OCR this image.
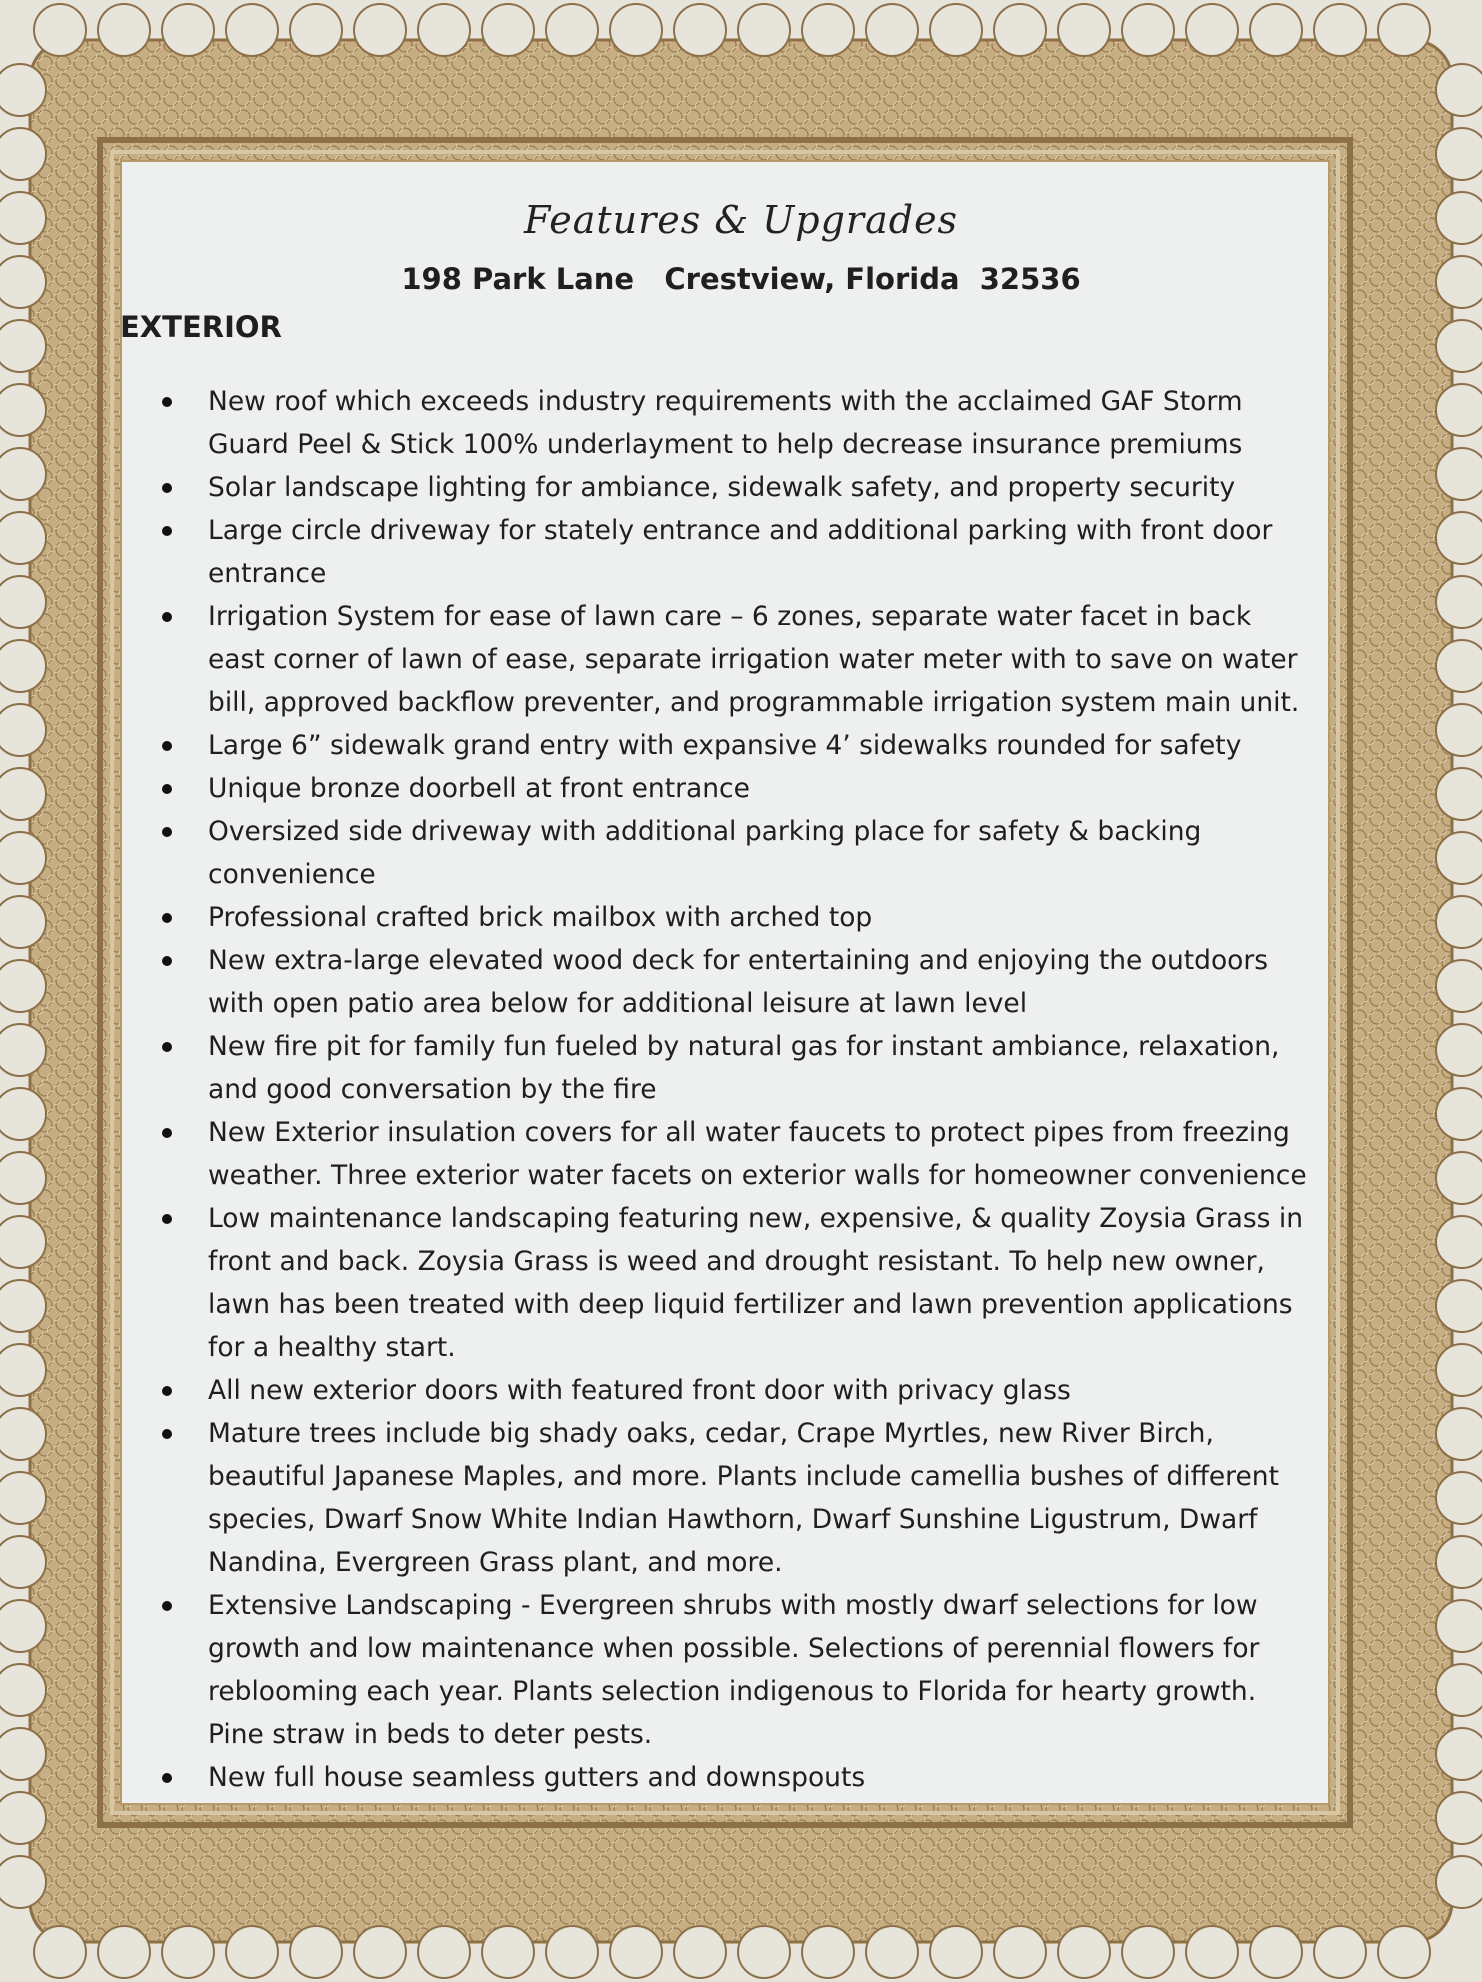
Features & Upgrades
198 Park Lane   Crestview, Florida  32536
EXTERIOR
New roof which exceeds industry requirements with the acclaimed GAF Storm Guard Peel & Stick 100% underlayment to help decrease insurance premiums
Solar landscape lighting for ambiance, sidewalk safety, and property security
Large circle driveway for stately entrance and additional parking with front door entrance
Irrigation System for ease of lawn care – 6 zones, separate water facet in back east corner of lawn of ease, separate irrigation water meter with to save on water bill, approved backflow preventer, and programmable irrigation system main unit.
Large 6” sidewalk grand entry with expansive 4’ sidewalks rounded for safety
Unique bronze doorbell at front entrance
Oversized side driveway with additional parking place for safety & backing convenience
Professional crafted brick mailbox with arched top
New extra-large elevated wood deck for entertaining and enjoying the outdoors with open patio area below for additional leisure at lawn level
New fire pit for family fun fueled by natural gas for instant ambiance, relaxation, and good conversation by the fire
New Exterior insulation covers for all water faucets to protect pipes from freezing weather. Three exterior water facets on exterior walls for homeowner convenience
Low maintenance landscaping featuring new, expensive, & quality Zoysia Grass in front and back. Zoysia Grass is weed and drought resistant. To help new owner, lawn has been treated with deep liquid fertilizer and lawn prevention applications for a healthy start.
All new exterior doors with featured front door with privacy glass
Mature trees include big shady oaks, cedar, Crape Myrtles, new River Birch, beautiful Japanese Maples, and more. Plants include camellia bushes of different species, Dwarf Snow White Indian Hawthorn, Dwarf Sunshine Ligustrum, Dwarf Nandina, Evergreen Grass plant, and more.
Extensive Landscaping - Evergreen shrubs with mostly dwarf selections for low growth and low maintenance when possible. Selections of perennial flowers for reblooming each year. Plants selection indigenous to Florida for hearty growth. Pine straw in beds to deter pests.
New full house seamless gutters and downspouts
